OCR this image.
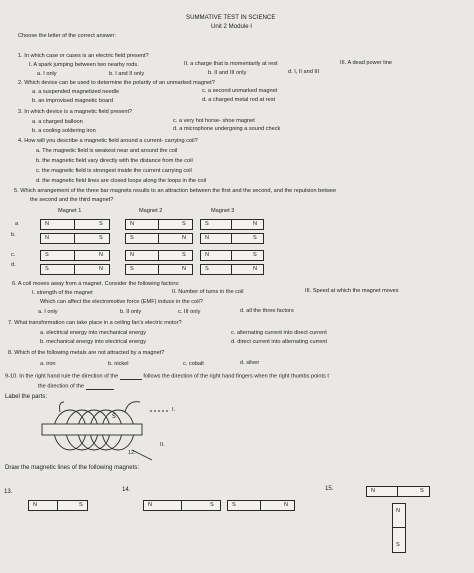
SUMMATIVE TEST IN SCIENCE
Unit 2 Module I
Choose the letter of the correct answer:
1. In which case or cases is an electric field present?
I. A spark jumping between two nearby rods.	II. a charge that is momentarily at rest	III. A dead power line
a. I only	b. I and II only	b. II and III only	d. I, II and III
2. Which device can be used to determine the polarity of an unmarked magnet?
a. a suspended magnetized needle	c. a second unmarked magnet
b. an improvised magnetic board	d. a charged metal rod at rest
3. In which device is a magnetic field present?
a. a charged balloon	c. a very hot horse- shoe magnet
b. a cooling soldering iron	d. a microphone undergoing a sound check
4. How will you describe a magnetic field around a current- carrying coil?
a. The magnetic field is weakest near and around the coil
b. the magnetic field vary directly with the distance from the coil
c. the magnetic field is strongest inside the current carrying coil
d. the magnetic field lines are closed loops along the loops in the coil
5. Which arrangement of the three bar magnets results to an attraction between the first and the second, and the repulsion betwee
the second and the third magnet?
Magnet 1	Magnet 2	Magnet 3
a
b.
c.
d.
N	S	N	S	S	N
N	S	S	N	N	S
S	N	N	S	N	S
S	N	S	N	S	N
6. A coil moves away from a magnet. Consider the following factors:
I. strength of the magnet	II. Number of turns in the coil	III. Speed at which the magnet moves
Which can affect the electromotive force (EMF) induce in the coil?
a. I only	b. II only	c. III only	d. all the three factors
7. What transformation can take place in a ceiling fan's electric motor?
a. electrical energy into mechanical energy	c. alternating current into direct current
b. mechanical energy into electrical energy	d. direct current into alternating current
8. Which of the following metals are not attracted by a magnet?
a. iron	b. nickel	c. cobalt	d. silver
9-10. In the right hand rule the direction of the	follows the direction of the right hand fingers when the right thumbs points t
the direction of the
Label the parts:
S
I.
II.
12.
Draw the magnetic lines of the following magnets:
13.	14.	15.
N	S	N	S	S	N
N	S
N
S
